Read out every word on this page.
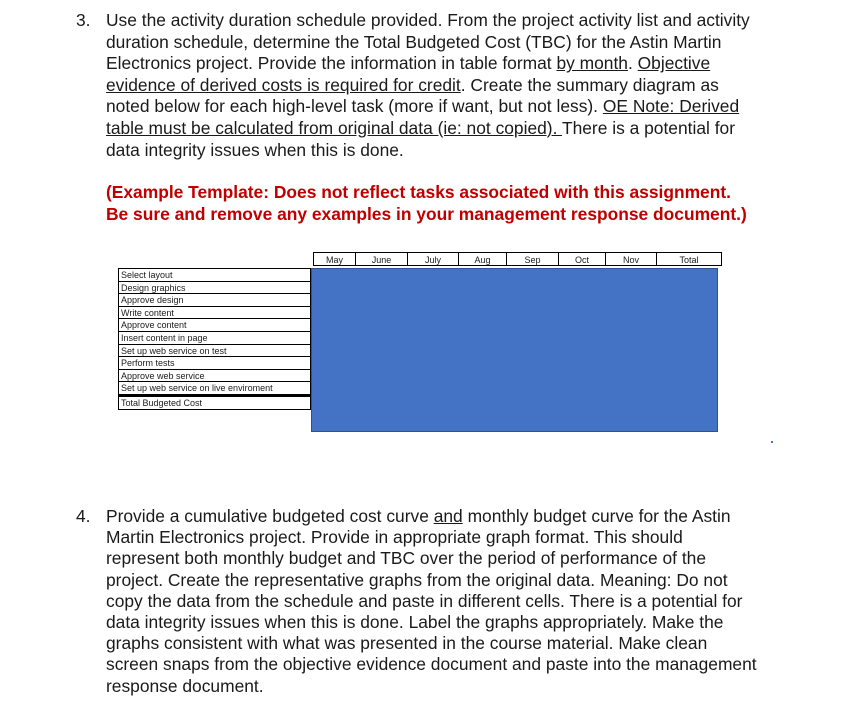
3. Use the activity duration schedule provided. From the project activity list and activity
duration schedule, determine the Total Budgeted Cost (TBC) for the Astin Martin
Electronics project. Provide the information in table format by month. Objective
evidence of derived costs is required for credit. Create the summary diagram as
noted below for each high-level task (more if want, but not less). OE Note: Derived
table must be calculated from original data (ie: not copied). There is a potential for
data integrity issues when this is done.
(Example Template: Does not reflect tasks associated with this assignment.
Be sure and remove any examples in your management response document.)
May	June	July	Aug	Sep	Oct	Nov	Total
Select layout
Design graphics
Approve design
Write content
Approve content
Insert content in page
Set up web service on test
Perform tests
Approve web service
Set up web service on live enviroment
Total Budgeted Cost
4. Provide a cumulative budgeted cost curve and monthly budget curve for the Astin
Martin Electronics project. Provide in appropriate graph format. This should
represent both monthly budget and TBC over the period of performance of the
project. Create the representative graphs from the original data. Meaning: Do not
copy the data from the schedule and paste in different cells. There is a potential for
data integrity issues when this is done. Label the graphs appropriately. Make the
graphs consistent with what was presented in the course material. Make clean
screen snaps from the objective evidence document and paste into the management
response document.
